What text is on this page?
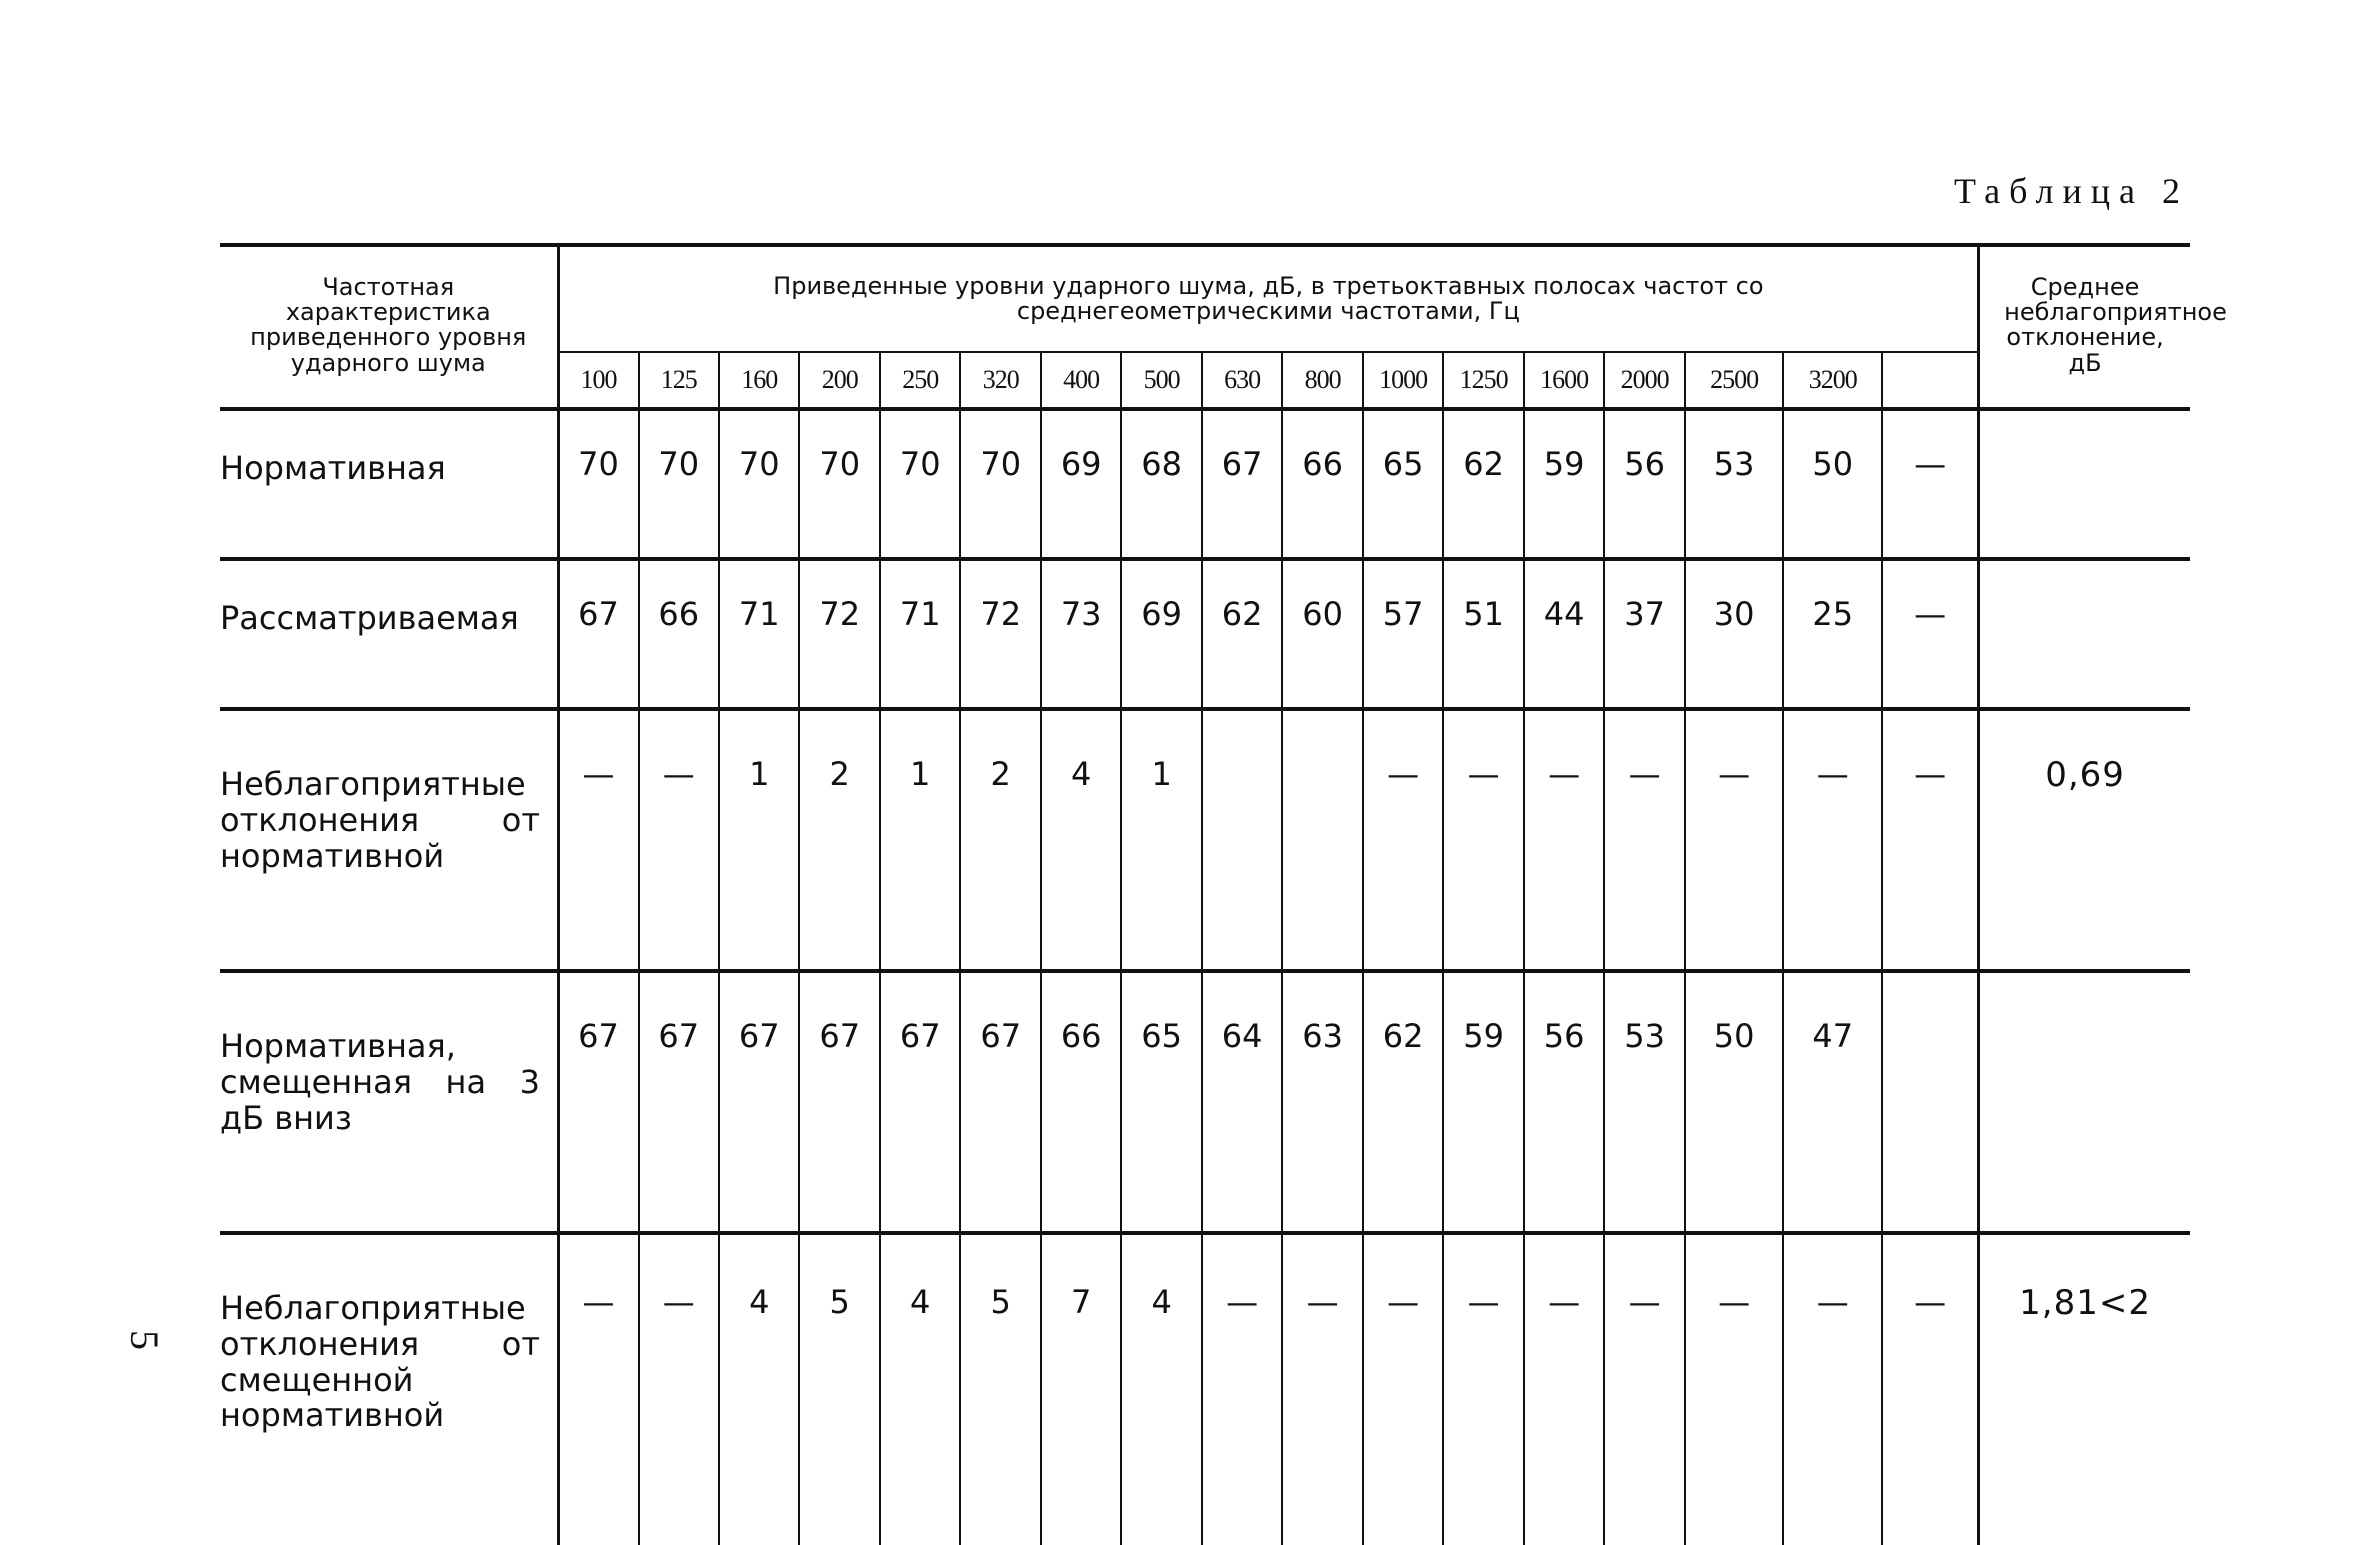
Таблица 2
Частотная характеристика приведенного уровня ударного шума	Приведенные уровни ударного шума, дБ, в третьоктавных полосах частот со среднегеометрическими частотами, Гц																	Среднее неблагоприятное отклонение, дБ

	100	125	160	200	250	320	400	500	630	800	1000	1250	1600	2000	2500	3200		

Нормативная	70	70	70	70	70	70	69	68	67	66	65	62	59	56	53	50	—	

Рассматриваемая	67	66	71	72	71	72	73	69	62	60	57	51	44	37	30	25	—	

Неблагоприятные отклонения от нормативной	—	—	1	2	1	2	4	1			—	—	—	—	—	—	—	0,69

Нормативная, смещенная на 3 дБ вниз	67	67	67	67	67	67	66	65	64	63	62	59	56	53	50	47		

Неблагоприятные отклонения от смещенной нормативной	—	—	4	5	4	5	7	4	—	—	—	—	—	—	—	—	—	1,81<2
5
